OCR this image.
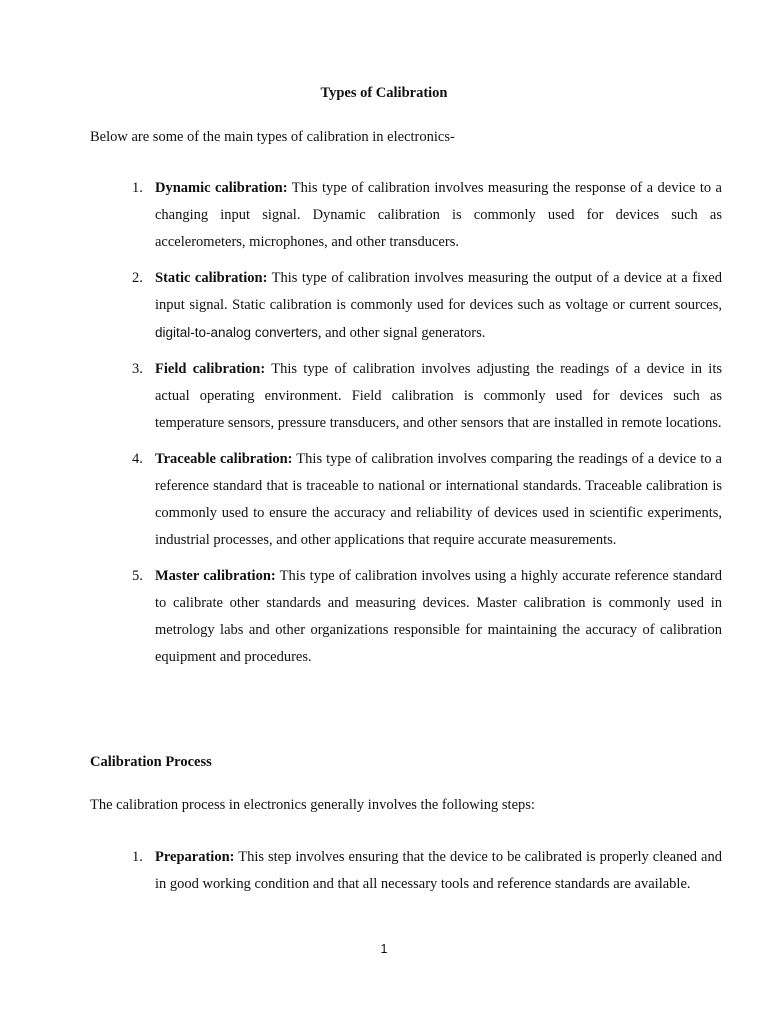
Types of Calibration
Below are some of the main types of calibration in electronics-
1. Dynamic calibration: This type of calibration involves measuring the response of a device to a changing input signal. Dynamic calibration is commonly used for devices such as accelerometers, microphones, and other transducers.
2. Static calibration: This type of calibration involves measuring the output of a device at a fixed input signal. Static calibration is commonly used for devices such as voltage or current sources, digital-to-analog converters, and other signal generators.
3. Field calibration: This type of calibration involves adjusting the readings of a device in its actual operating environment. Field calibration is commonly used for devices such as temperature sensors, pressure transducers, and other sensors that are installed in remote locations.
4. Traceable calibration: This type of calibration involves comparing the readings of a device to a reference standard that is traceable to national or international standards. Traceable calibration is commonly used to ensure the accuracy and reliability of devices used in scientific experiments, industrial processes, and other applications that require accurate measurements.
5. Master calibration: This type of calibration involves using a highly accurate reference standard to calibrate other standards and measuring devices. Master calibration is commonly used in metrology labs and other organizations responsible for maintaining the accuracy of calibration equipment and procedures.
Calibration Process
The calibration process in electronics generally involves the following steps:
1. Preparation: This step involves ensuring that the device to be calibrated is properly cleaned and in good working condition and that all necessary tools and reference standards are available.
1
